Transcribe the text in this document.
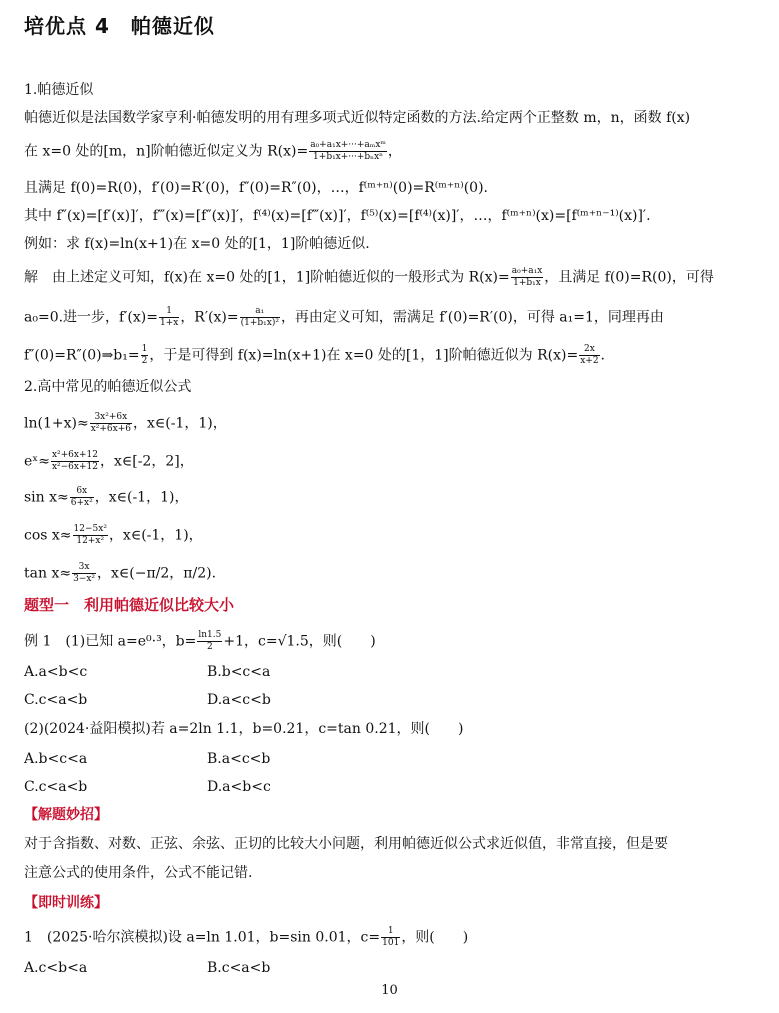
培优点 4　帕德近似
1.帕德近似
帕德近似是法国数学家亨利·帕德发明的用有理多项式近似特定函数的方法.给定两个正整数 m，n，函数 f(x)
在 x=0 处的[m，n]阶帕德近似定义为 $R(x)= \frac{\text{a₀+a₁x+···+aₘxᵐ}}{\text{1+b₁x+···+bₙxⁿ}}$ ，
且满足 f(0)=R(0)，f′(0)=R′(0)，f″(0)=R″(0)，…，f⁽ᵐ⁺ⁿ⁾(0)=R⁽ᵐ⁺ⁿ⁾(0).
其中 f″(x)=[f′(x)]′，f‴(x)=[f″(x)]′，f⁽⁴⁾(x)=[f‴(x)]′，f⁽⁵⁾(x)=[f⁽⁴⁾(x)]′，…，f⁽ᵐ⁺ⁿ⁾(x)=[f⁽ᵐ⁺ⁿ⁻¹⁾(x)]′.
例如：求 f(x)=ln(x+1)在 x=0 处的[1，1]阶帕德近似.
解　由上述定义可知，f(x)在 x=0 处的[1，1]阶帕德近似的一般形式为 $R(x)= \frac{\text{a₀+a₁x}}{\text{1+b₁x}}$ ，且满足 f(0)=R(0)，可得
a₀=0.进一步，$f'(x)= \frac{1}{1+x}$ ，$R'(x)= \frac{\text{a₁}}{\text{(1+b₁x)²}}$ ，再由定义可知，需满足 f′(0)=R′(0)，可得 a₁=1，同理再由
f″(0)=R″(0)⇒b₁= $\frac{1}{2}$ ，于是可得到 f(x)=ln(x+1)在 x=0 处的[1，1]阶帕德近似为 $R(x)= \frac{2x}{x+2}$ .
2.高中常见的帕德近似公式
$\ln(1+x)\approx \frac{\text{3x²+6x}}{\text{x²+6x+6}}$ ，x∈(-1，1)，
eˣ≈ $\frac{\text{x²+6x+12}}{\text{x²−6x+12}}$ ，x∈[-2，2]，
$\sin x\approx \frac{6x}{\text{6+x²}}$ ，x∈(-1，1)，
$\cos x\approx \frac{\text{12−5x²}}{\text{12+x²}}$ ，x∈(-1，1)，
$\tan x\approx \frac{3x}{\text{3−x²}}$ ，x∈(−π/2，π/2).
题型一　利用帕德近似比较大小
例 1　(1)已知 a=e⁰·³，$b= \frac{\ln 1.5}{2} +1$，c=√1.5，则(　　)
A.a<b<c	B.b<c<a
C.c<a<b	D.a<c<b
(2)(2024·益阳模拟)若 a=2ln 1.1，b=0.21，c=tan 0.21，则(　　)
A.b<c<a	B.a<c<b
C.c<a<b	D.a<b<c
【解题妙招】
对于含指数、对数、正弦、余弦、正切的比较大小问题，利用帕德近似公式求近似值，非常直接，但是要
注意公式的使用条件，公式不能记错.
【即时训练】
1　(2025·哈尔滨模拟)设 a=ln 1.01，b=sin 0.01，$c= \frac{1}{101}$ ，则(　　)
A.c<b<a	B.c<a<b
10
